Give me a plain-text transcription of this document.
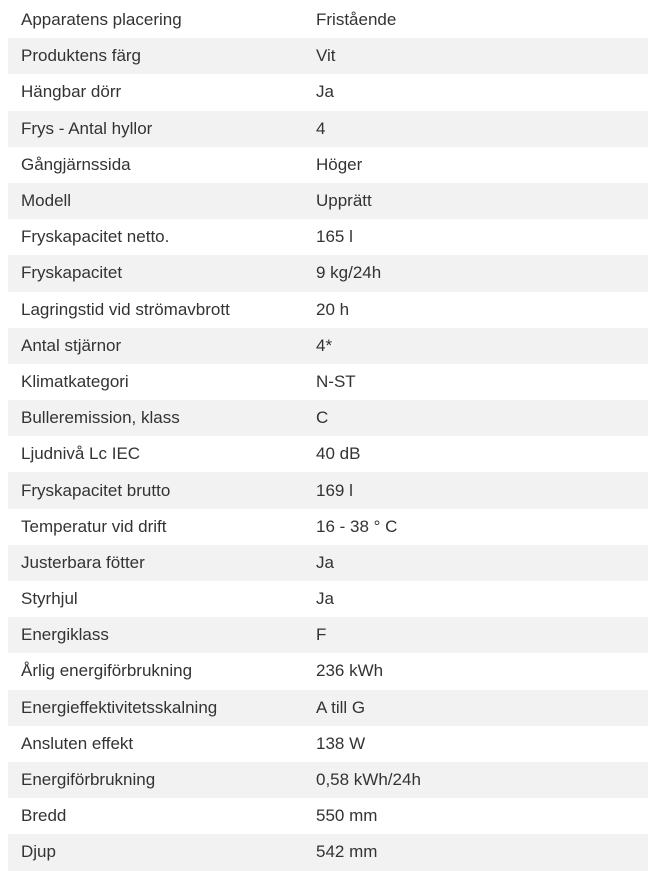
Apparatens placering	Fristående
Produktens färg	Vit
Hängbar dörr	Ja
Frys - Antal hyllor	4
Gångjärnssida	Höger
Modell	Upprätt
Fryskapacitet netto.	165 l
Fryskapacitet	9 kg/24h
Lagringstid vid strömavbrott	20 h
Antal stjärnor	4*
Klimatkategori	N-ST
Bulleremission, klass	C
Ljudnivå Lc IEC	40 dB
Fryskapacitet brutto	169 l
Temperatur vid drift	16 - 38 ° C
Justerbara fötter	Ja
Styrhjul	Ja
Energiklass	F
Årlig energiförbrukning	236 kWh
Energieffektivitetsskalning	A till G
Ansluten effekt	138 W
Energiförbrukning	0,58 kWh/24h
Bredd	550 mm
Djup	542 mm
